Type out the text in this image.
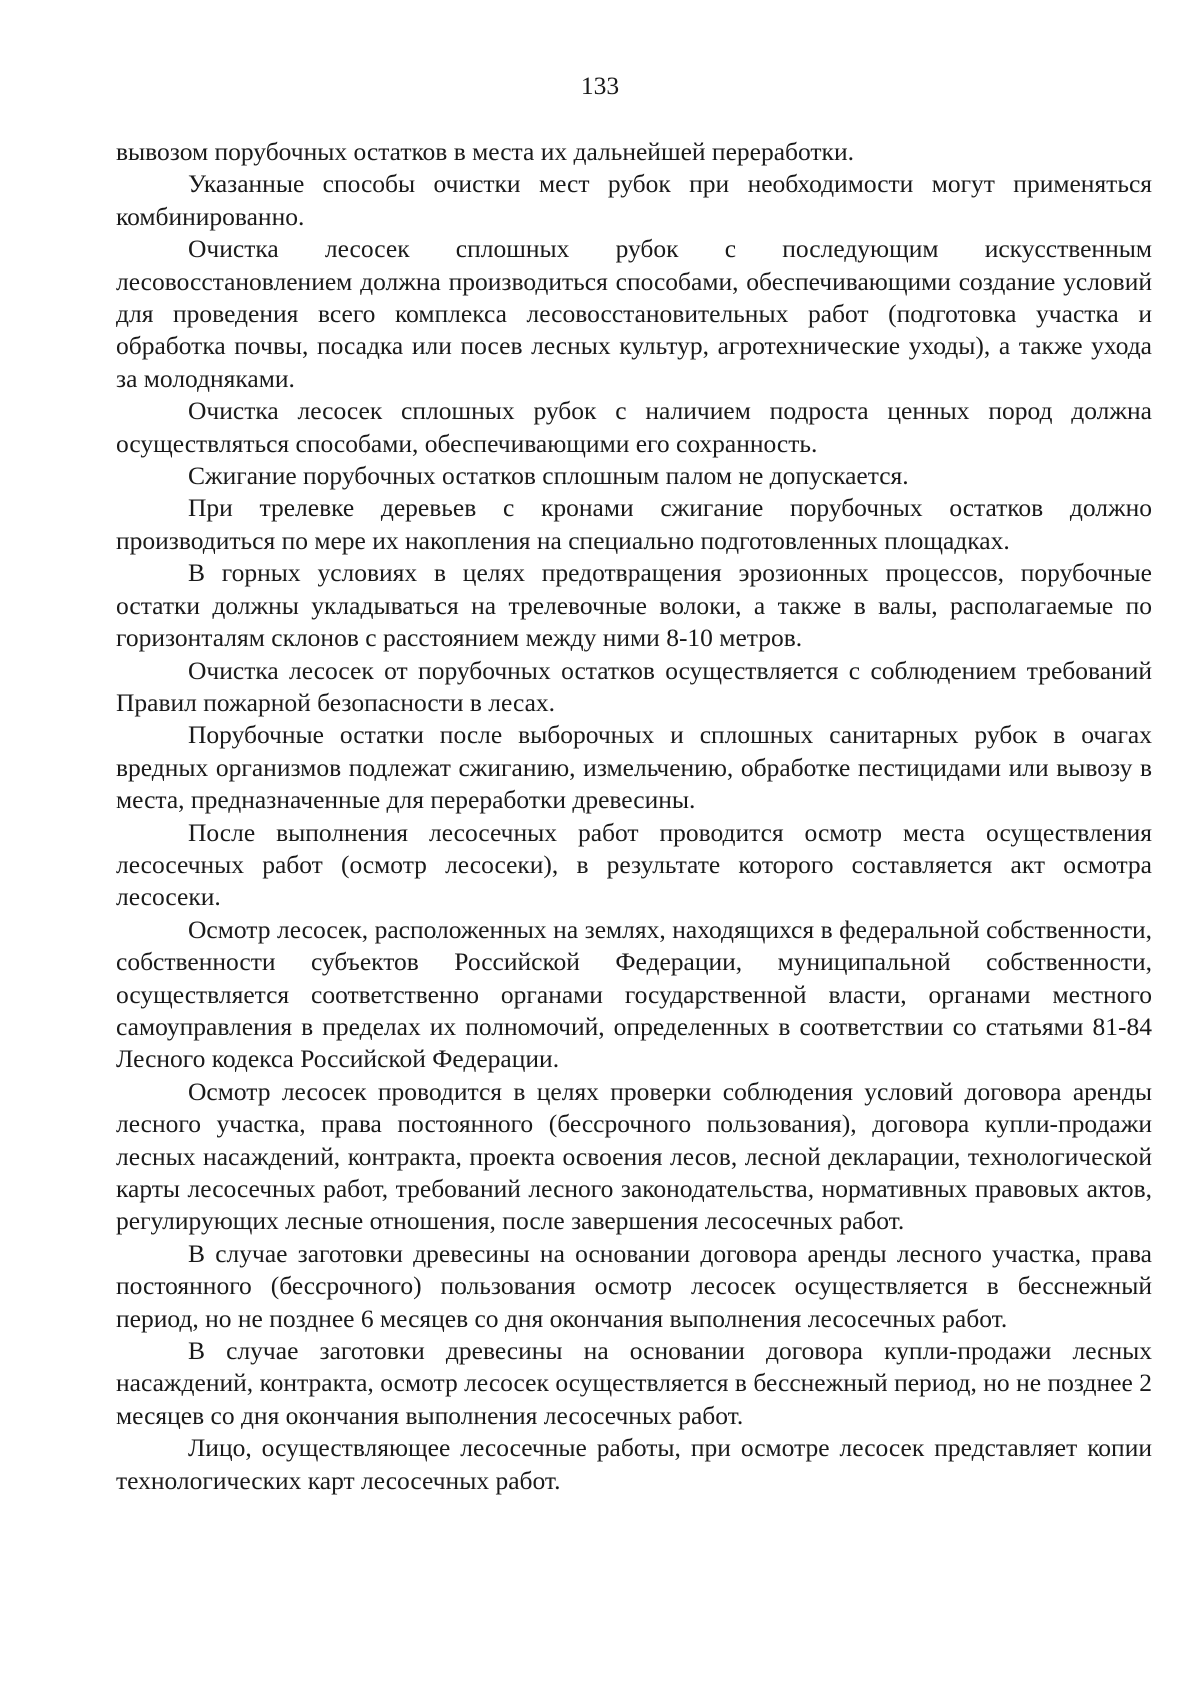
133

вывозом порубочных остатков в места их дальнейшей переработки.

Указанные способы очистки мест рубок при необходимости могут применяться комбинированно.

Очистка лесосек сплошных рубок с последующим искусственным лесовосстановлением должна производиться способами, обеспечивающими создание условий для проведения всего комплекса лесовосстановительных работ (подготовка участка и обработка почвы, посадка или посев лесных культур, агротехнические уходы), а также ухода за молодняками.

Очистка лесосек сплошных рубок с наличием подроста ценных пород должна осуществляться способами, обеспечивающими его сохранность.

Сжигание порубочных остатков сплошным палом не допускается.

При трелевке деревьев с кронами сжигание порубочных остатков должно производиться по мере их накопления на специально подготовленных площадках.

В горных условиях в целях предотвращения эрозионных процессов, порубочные остатки должны укладываться на трелевочные волоки, а также в валы, располагаемые по горизонталям склонов с расстоянием между ними 8-10 метров.

Очистка лесосек от порубочных остатков осуществляется с соблюдением требований Правил пожарной безопасности в лесах.

Порубочные остатки после выборочных и сплошных санитарных рубок в очагах вредных организмов подлежат сжиганию, измельчению, обработке пестицидами или вывозу в места, предназначенные для переработки древесины.

После выполнения лесосечных работ проводится осмотр места осуществления лесосечных работ (осмотр лесосеки), в результате которого составляется акт осмотра лесосеки.

Осмотр лесосек, расположенных на землях, находящихся в федеральной собственности, собственности субъектов Российской Федерации, муниципальной собственности, осуществляется соответственно органами государственной власти, органами местного самоуправления в пределах их полномочий, определенных в соответствии со статьями 81-84 Лесного кодекса Российской Федерации.

Осмотр лесосек проводится в целях проверки соблюдения условий договора аренды лесного участка, права постоянного (бессрочного пользования), договора купли-продажи лесных насаждений, контракта, проекта освоения лесов, лесной декларации, технологической карты лесосечных работ, требований лесного законодательства, нормативных правовых актов, регулирующих лесные отношения, после завершения лесосечных работ.

В случае заготовки древесины на основании договора аренды лесного участка, права постоянного (бессрочного) пользования осмотр лесосек осуществляется в бесснежный период, но не позднее 6 месяцев со дня окончания выполнения лесосечных работ.

В случае заготовки древесины на основании договора купли-продажи лесных насаждений, контракта, осмотр лесосек осуществляется в бесснежный период, но не позднее 2 месяцев со дня окончания выполнения лесосечных работ.

Лицо, осуществляющее лесосечные работы, при осмотре лесосек представляет копии технологических карт лесосечных работ.
